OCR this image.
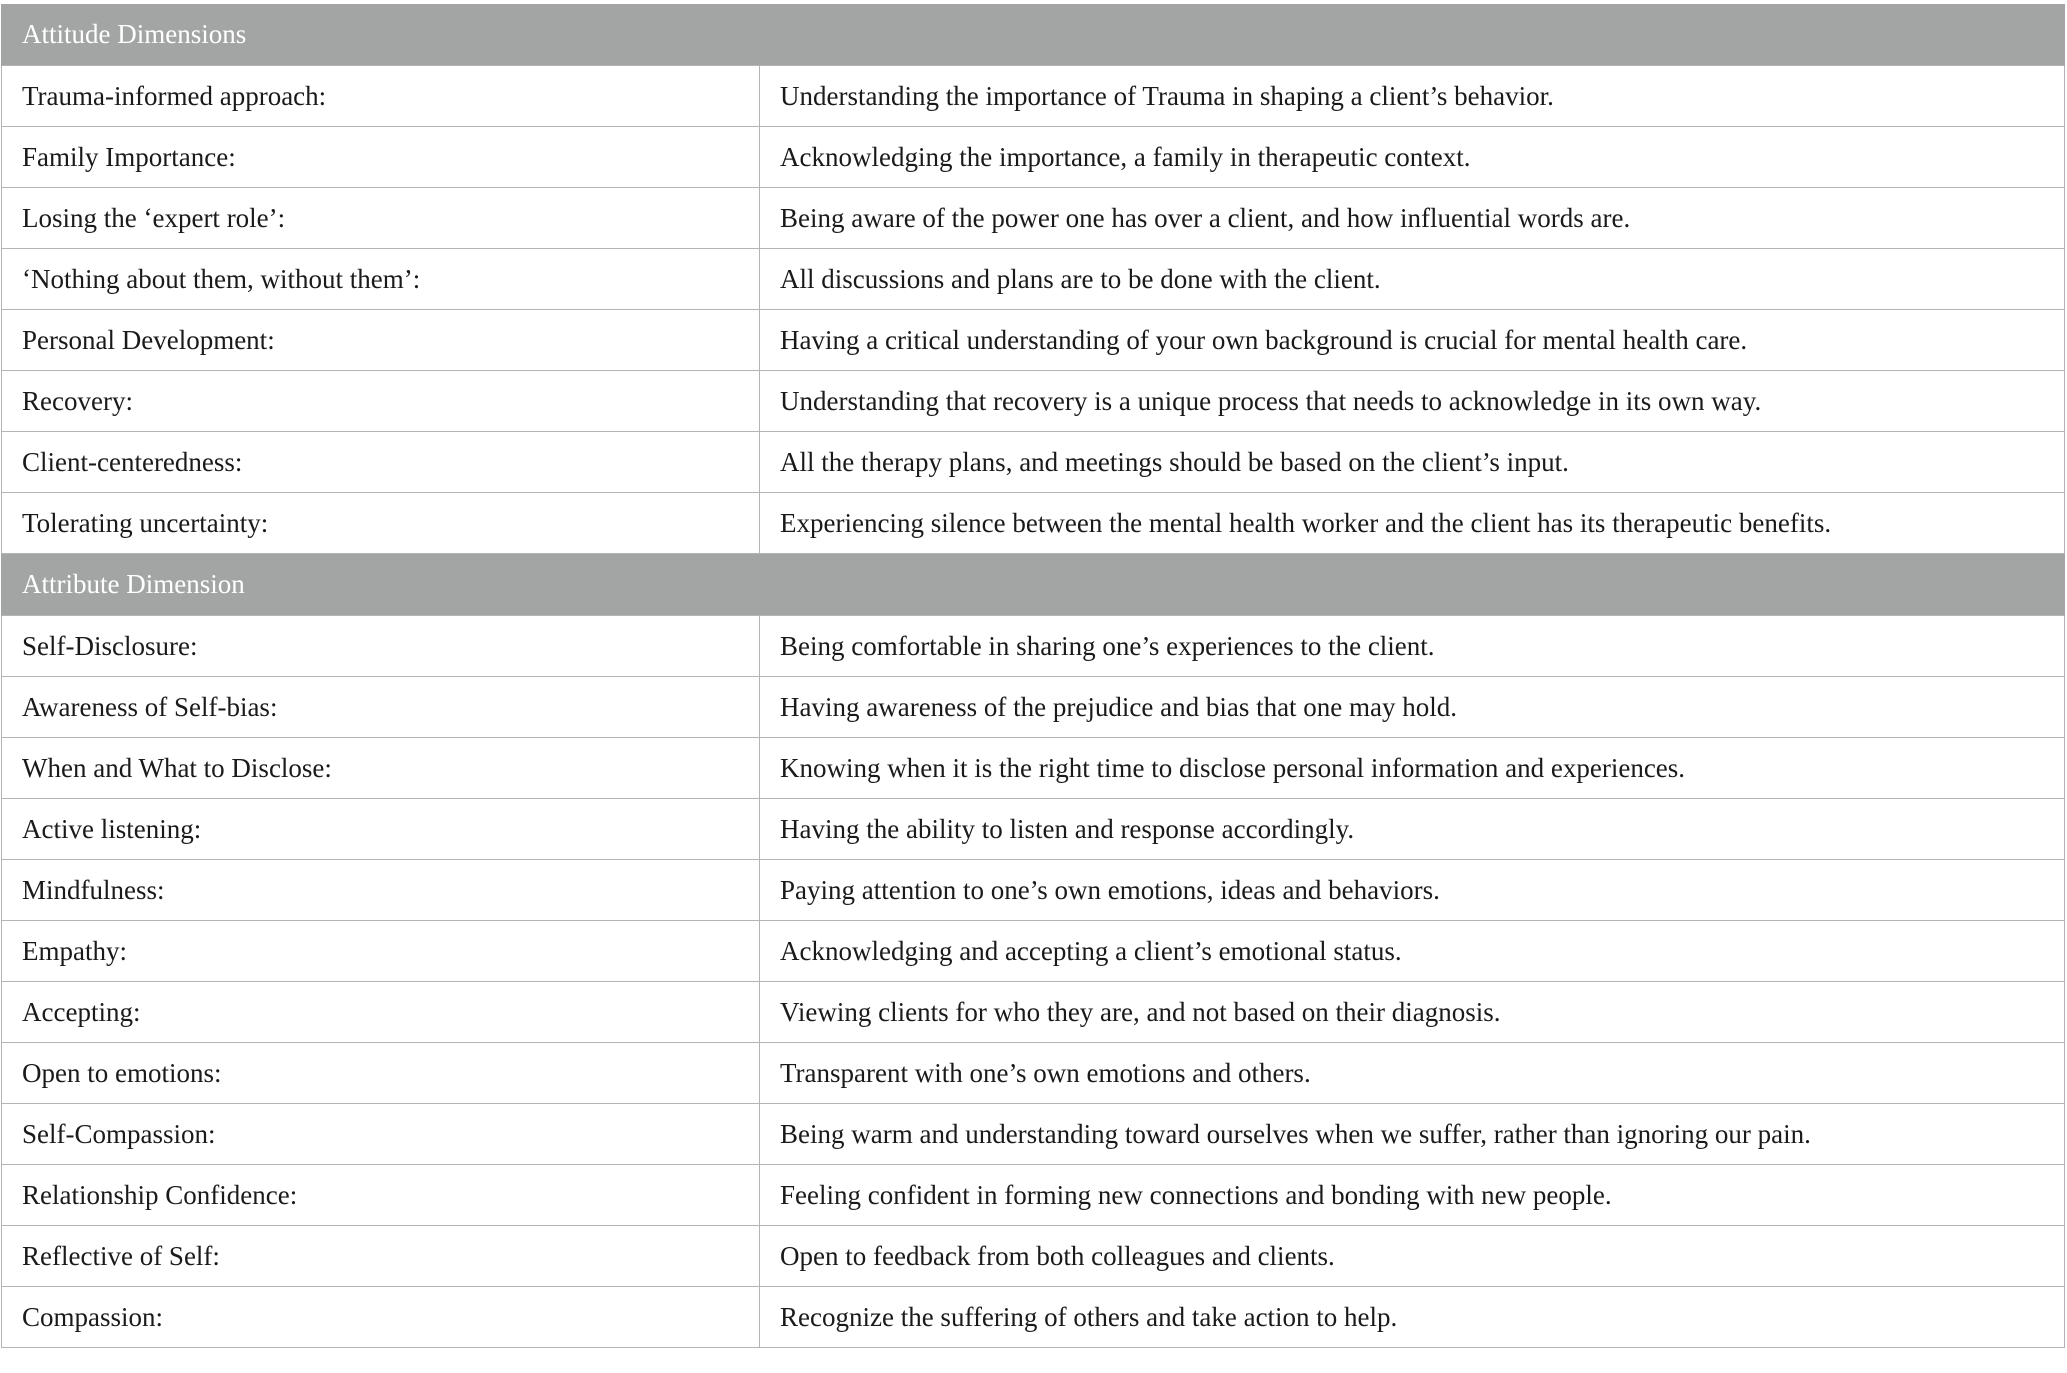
Attitude Dimensions	
Trauma-informed approach:	Understanding the importance of Trauma in shaping a client’s behavior.
Family Importance:	Acknowledging the importance, a family in therapeutic context.
Losing the ‘expert role’:	Being aware of the power one has over a client, and how influential words are.
‘Nothing about them, without them’:	All discussions and plans are to be done with the client.
Personal Development:	Having a critical understanding of your own background is crucial for mental health care.
Recovery:	Understanding that recovery is a unique process that needs to acknowledge in its own way.
Client-centeredness:	All the therapy plans, and meetings should be based on the client’s input.
Tolerating uncertainty:	Experiencing silence between the mental health worker and the client has its therapeutic benefits.
Attribute Dimension	
Self-Disclosure:	Being comfortable in sharing one’s experiences to the client.
Awareness of Self-bias:	Having awareness of the prejudice and bias that one may hold.
When and What to Disclose:	Knowing when it is the right time to disclose personal information and experiences.
Active listening:	Having the ability to listen and response accordingly.
Mindfulness:	Paying attention to one’s own emotions, ideas and behaviors.
Empathy:	Acknowledging and accepting a client’s emotional status.
Accepting:	Viewing clients for who they are, and not based on their diagnosis.
Open to emotions:	Transparent with one’s own emotions and others.
Self-Compassion:	Being warm and understanding toward ourselves when we suffer, rather than ignoring our pain.
Relationship Confidence:	Feeling confident in forming new connections and bonding with new people.
Reflective of Self:	Open to feedback from both colleagues and clients.
Compassion:	Recognize the suffering of others and take action to help.
